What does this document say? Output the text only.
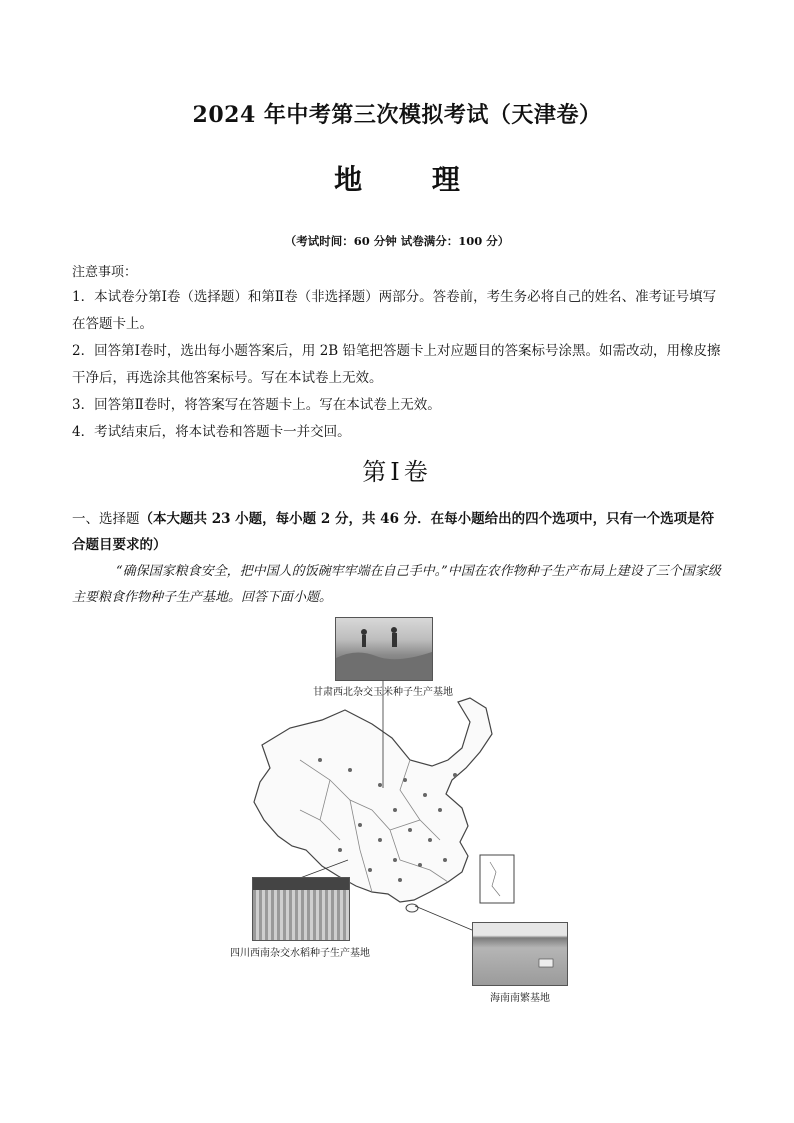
2024 年中考第三次模拟考试（天津卷）
地 理
（考试时间：60 分钟 试卷满分：100 分）
注意事项：
1．本试卷分第Ⅰ卷（选择题）和第Ⅱ卷（非选择题）两部分。答卷前，考生务必将自己的姓名、准考证号填写在答题卡上。
2．回答第Ⅰ卷时，选出每小题答案后，用 2B 铅笔把答题卡上对应题目的答案标号涂黑。如需改动，用橡皮擦干净后，再选涂其他答案标号。写在本试卷上无效。
3．回答第Ⅱ卷时，将答案写在答题卡上。写在本试卷上无效。
4．考试结束后，将本试卷和答题卡一并交回。
第Ⅰ卷
一、选择题（本大题共 23 小题，每小题 2 分，共 46 分．在每小题给出的四个选项中，只有一个选项是符合题目要求的）
“确保国家粮食安全，把中国人的饭碗牢牢端在自己手中。”中国在农作物种子生产布局上建设了三个国家级主要粮食作物种子生产基地。回答下面小题。
甘肃西北杂交玉米种子生产基地
四川西南杂交水稻种子生产基地
海南南繁基地
